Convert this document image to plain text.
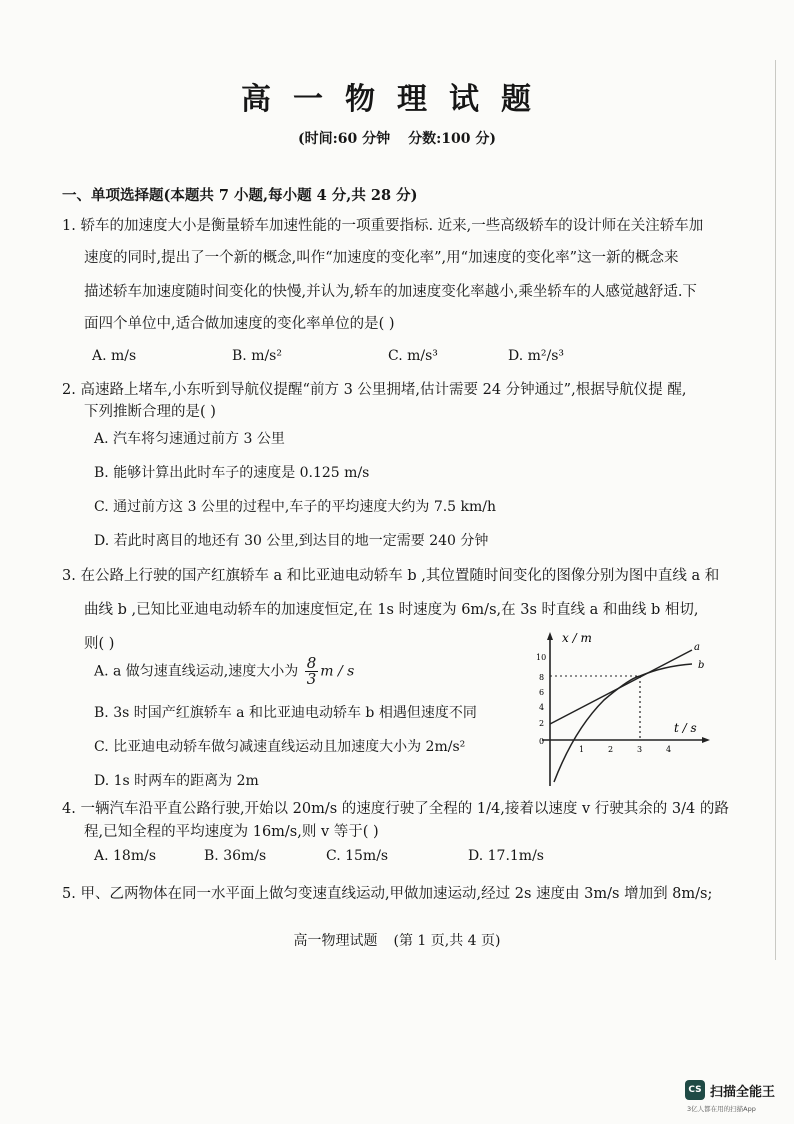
高一物理试题
(时间:60 分钟 分数:100 分)
一、单项选择题(本题共 7 小题,每小题 4 分,共 28 分)
1. 轿车的加速度大小是衡量轿车加速性能的一项重要指标. 近来,一些高级轿车的设计师在关注轿车加
速度的同时,提出了一个新的概念,叫作“加速度的变化率”,用“加速度的变化率”这一新的概念来
描述轿车加速度随时间变化的快慢,并认为,轿车的加速度变化率越小,乘坐轿车的人感觉越舒适.下
面四个单位中,适合做加速度的变化率单位的是( )
A. m/s	B. m/s²	C. m/s³	D. m²/s³
2. 高速路上堵车,小东听到导航仪提醒“前方 3 公里拥堵,估计需要 24 分钟通过”,根据导航仪提 醒,
下列推断合理的是( )
A. 汽车将匀速通过前方 3 公里
B. 能够计算出此时车子的速度是 0.125 m/s
C. 通过前方这 3 公里的过程中,车子的平均速度大约为 7.5 km/h
D. 若此时离目的地还有 30 公里,到达目的地一定需要 240 分钟
3. 在公路上行驶的国产红旗轿车 a 和比亚迪电动轿车 b ,其位置随时间变化的图像分别为图中直线 a 和
曲线 b ,已知比亚迪电动轿车的加速度恒定,在 1s 时速度为 6m/s,在 3s 时直线 a 和曲线 b 相切,
则( )
A. a 做匀速直线运动,速度大小为 $\frac{8}{3}$ m / s
B. 3s 时国产红旗轿车 a 和比亚迪电动轿车 b 相遇但速度不同
C. 比亚迪电动轿车做匀减速直线运动且加速度大小为 2m/s²
D. 1s 时两车的距离为 2m
x / m
t / s
10
8
6
4
2
0
1	2	3	4
a
b
4. 一辆汽车沿平直公路行驶,开始以 20m/s 的速度行驶了全程的 1/4,接着以速度 v 行驶其余的 3/4 的路
程,已知全程的平均速度为 16m/s,则 v 等于( )
A. 18m/s	B. 36m/s	C. 15m/s	D. 17.1m/s
5. 甲、乙两物体在同一水平面上做匀变速直线运动,甲做加速运动,经过 2s 速度由 3m/s 增加到 8m/s;
高一物理试题 (第 1 页,共 4 页)
CS 扫描全能王
3亿人都在用的扫描App
